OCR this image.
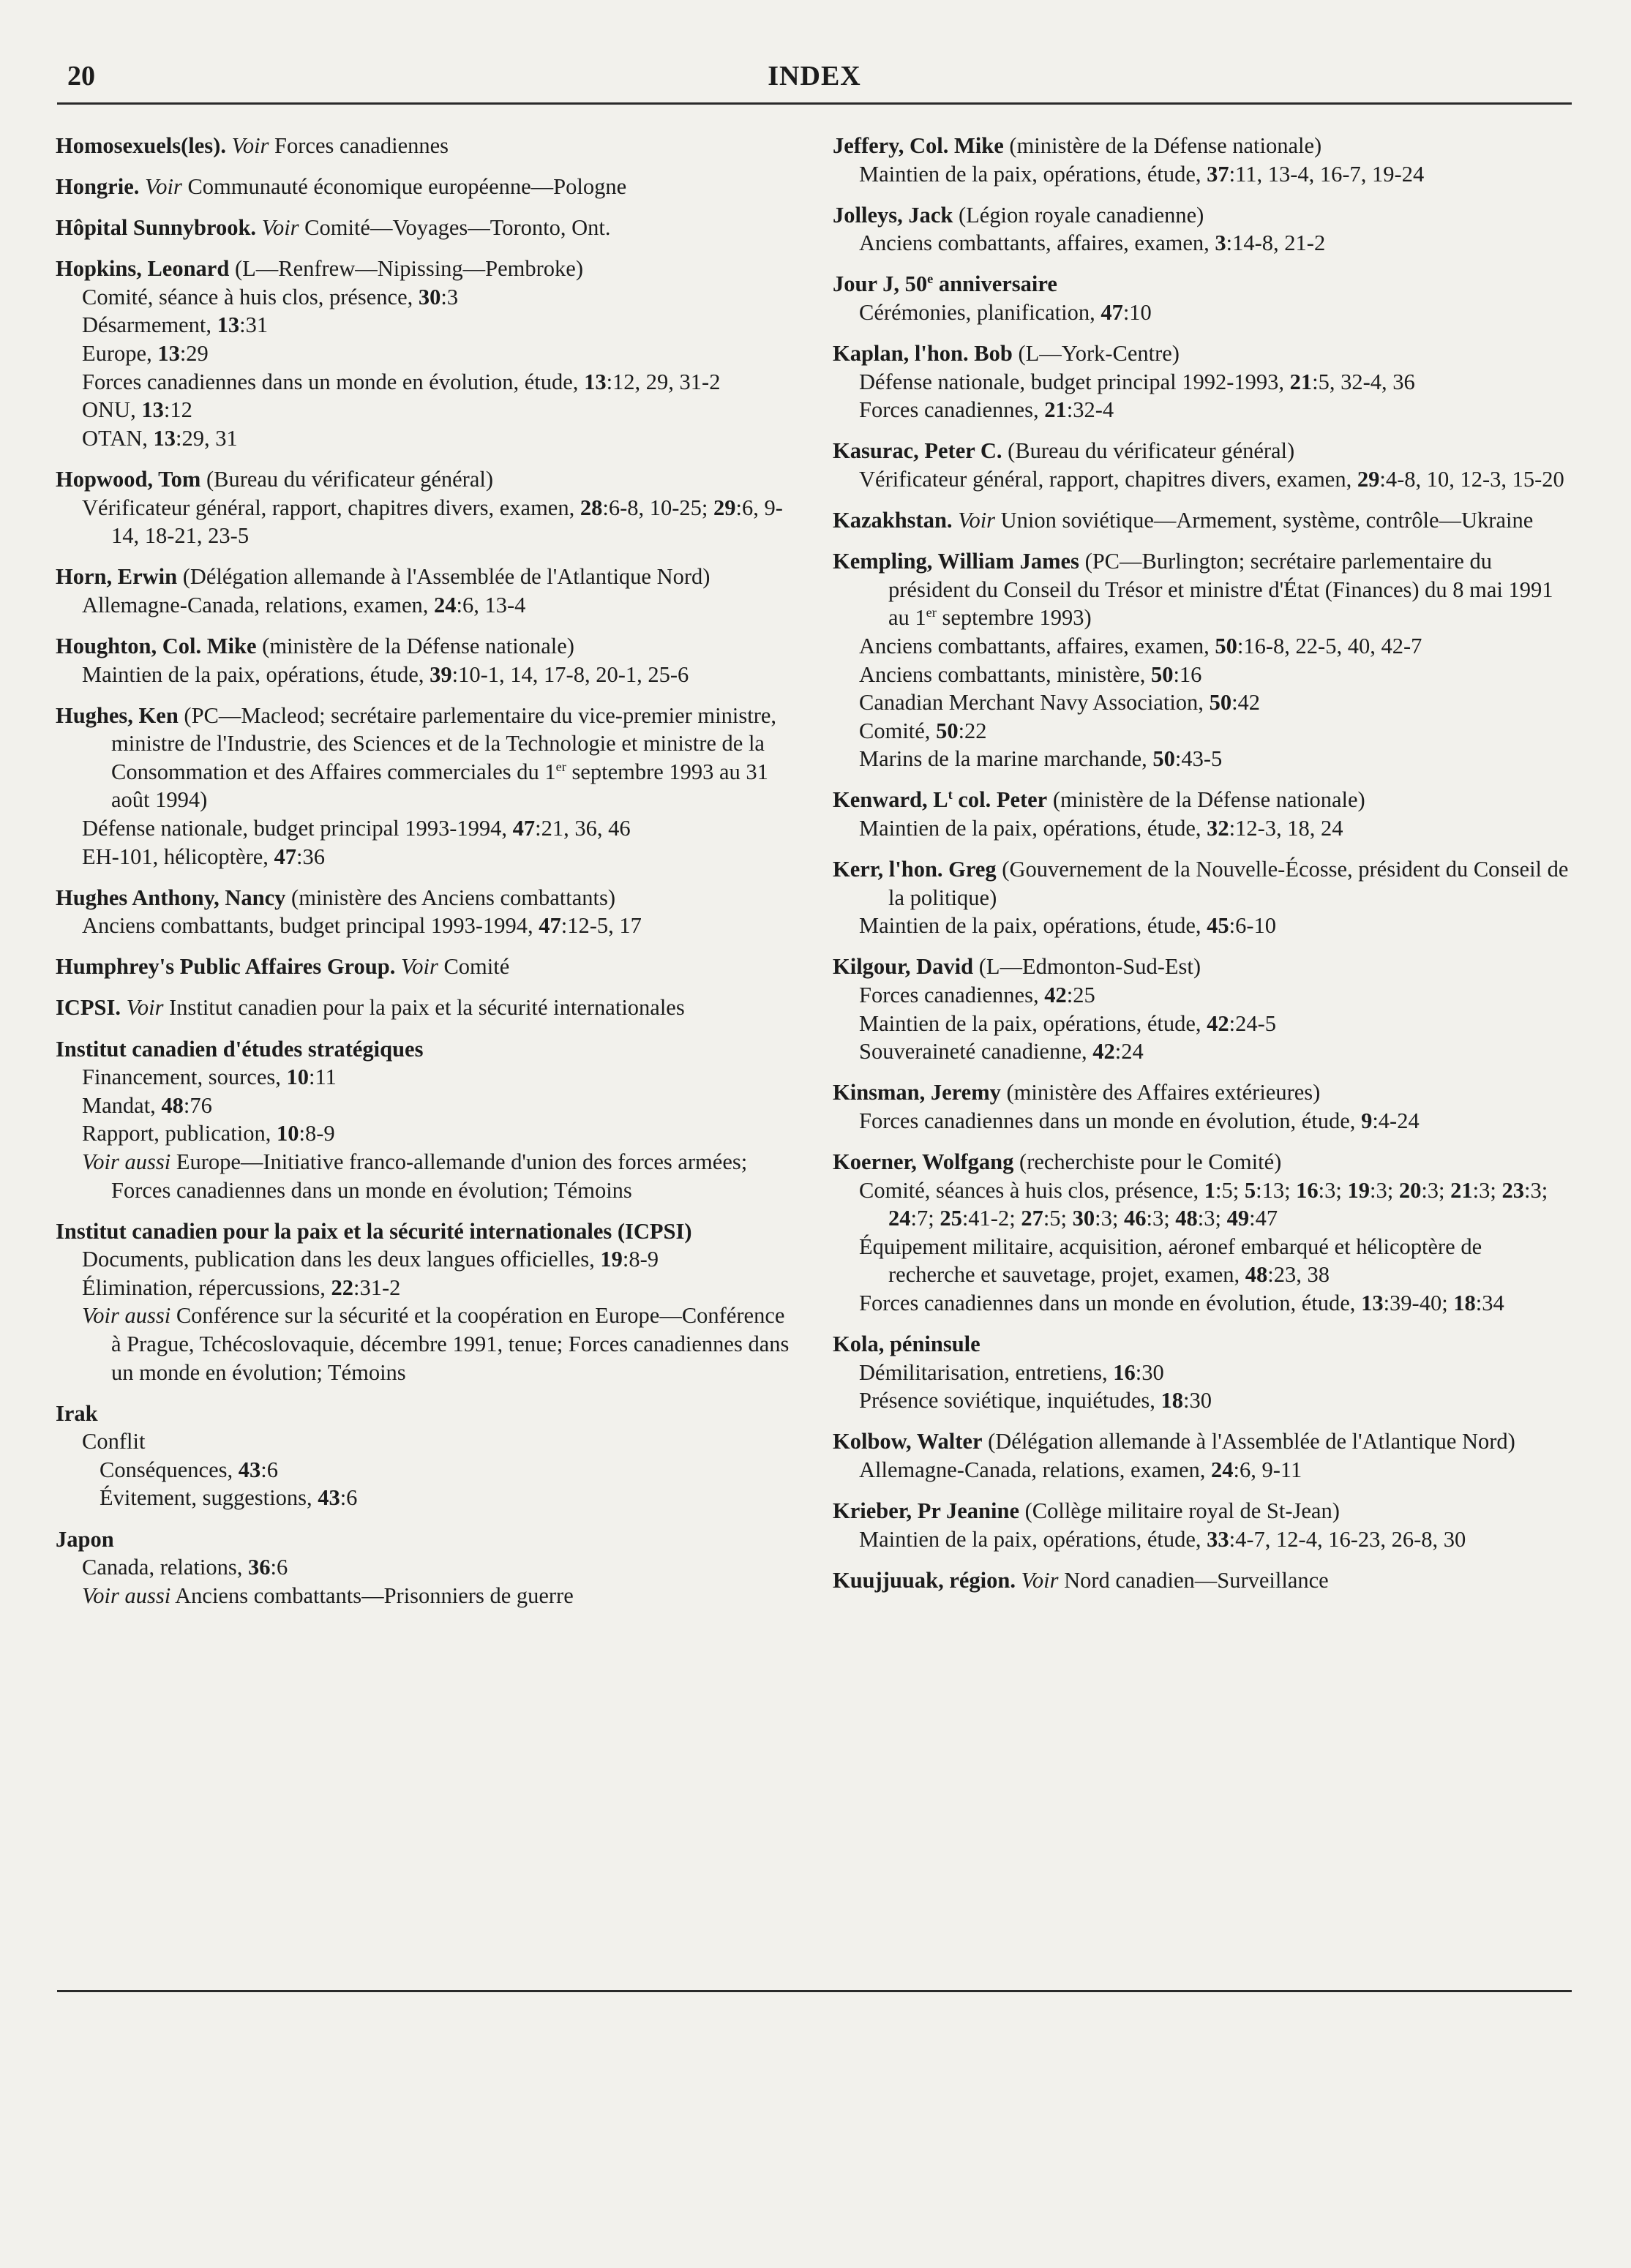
20	INDEX
Homosexuels(les). Voir Forces canadiennes
Hongrie. Voir Communauté économique européenne—Pologne
Hôpital Sunnybrook. Voir Comité—Voyages—Toronto, Ont.
Hopkins, Leonard (L—Renfrew—Nipissing—Pembroke)
Comité, séance à huis clos, présence, 30:3
Désarmement, 13:31
Europe, 13:29
Forces canadiennes dans un monde en évolution, étude, 13:12, 29, 31-2
ONU, 13:12
OTAN, 13:29, 31
Hopwood, Tom (Bureau du vérificateur général)
Vérificateur général, rapport, chapitres divers, examen, 28:6-8, 10-25; 29:6, 9-14, 18-21, 23-5
Horn, Erwin (Délégation allemande à l'Assemblée de l'Atlantique Nord)
Allemagne-Canada, relations, examen, 24:6, 13-4
Houghton, Col. Mike (ministère de la Défense nationale)
Maintien de la paix, opérations, étude, 39:10-1, 14, 17-8, 20-1, 25-6
Hughes, Ken (PC—Macleod; secrétaire parlementaire du vice-premier ministre, ministre de l'Industrie, des Sciences et de la Technologie et ministre de la Consommation et des Affaires commerciales du 1er septembre 1993 au 31 août 1994)
Défense nationale, budget principal 1993-1994, 47:21, 36, 46
EH-101, hélicoptère, 47:36
Hughes Anthony, Nancy (ministère des Anciens combattants)
Anciens combattants, budget principal 1993-1994, 47:12-5, 17
Humphrey's Public Affaires Group. Voir Comité
ICPSI. Voir Institut canadien pour la paix et la sécurité internationales
Institut canadien d'études stratégiques
Financement, sources, 10:11
Mandat, 48:76
Rapport, publication, 10:8-9
Voir aussi Europe—Initiative franco-allemande d'union des forces armées; Forces canadiennes dans un monde en évolution; Témoins
Institut canadien pour la paix et la sécurité internationales (ICPSI)
Documents, publication dans les deux langues officielles, 19:8-9
Élimination, répercussions, 22:31-2
Voir aussi Conférence sur la sécurité et la coopération en Europe—Conférence à Prague, Tchécoslovaquie, décembre 1991, tenue; Forces canadiennes dans un monde en évolution; Témoins
Irak
Conflit
Conséquences, 43:6
Évitement, suggestions, 43:6
Japon
Canada, relations, 36:6
Voir aussi Anciens combattants—Prisonniers de guerre
Jeffery, Col. Mike (ministère de la Défense nationale)
Maintien de la paix, opérations, étude, 37:11, 13-4, 16-7, 19-24
Jolleys, Jack (Légion royale canadienne)
Anciens combattants, affaires, examen, 3:14-8, 21-2
Jour J, 50e anniversaire
Cérémonies, planification, 47:10
Kaplan, l'hon. Bob (L—York-Centre)
Défense nationale, budget principal 1992-1993, 21:5, 32-4, 36
Forces canadiennes, 21:32-4
Kasurac, Peter C. (Bureau du vérificateur général)
Vérificateur général, rapport, chapitres divers, examen, 29:4-8, 10, 12-3, 15-20
Kazakhstan. Voir Union soviétique—Armement, système, contrôle—Ukraine
Kempling, William James (PC—Burlington; secrétaire parlementaire du président du Conseil du Trésor et ministre d'État (Finances) du 8 mai 1991 au 1er septembre 1993)
Anciens combattants, affaires, examen, 50:16-8, 22-5, 40, 42-7
Anciens combattants, ministère, 50:16
Canadian Merchant Navy Association, 50:42
Comité, 50:22
Marins de la marine marchande, 50:43-5
Kenward, $L^t$ col. Peter (ministère de la Défense nationale)
Maintien de la paix, opérations, étude, 32:12-3, 18, 24
Kerr, l'hon. Greg (Gouvernement de la Nouvelle-Écosse, président du Conseil de la politique)
Maintien de la paix, opérations, étude, 45:6-10
Kilgour, David (L—Edmonton-Sud-Est)
Forces canadiennes, 42:25
Maintien de la paix, opérations, étude, 42:24-5
Souveraineté canadienne, 42:24
Kinsman, Jeremy (ministère des Affaires extérieures)
Forces canadiennes dans un monde en évolution, étude, 9:4-24
Koerner, Wolfgang (recherchiste pour le Comité)
Comité, séances à huis clos, présence, 1:5; 5:13; 16:3; 19:3; 20:3; 21:3; 23:3; 24:7; 25:41-2; 27:5; 30:3; 46:3; 48:3; 49:47
Équipement militaire, acquisition, aéronef embarqué et hélicoptère de recherche et sauvetage, projet, examen, 48:23, 38
Forces canadiennes dans un monde en évolution, étude, 13:39-40; 18:34
Kola, péninsule
Démilitarisation, entretiens, 16:30
Présence soviétique, inquiétudes, 18:30
Kolbow, Walter (Délégation allemande à l'Assemblée de l'Atlantique Nord)
Allemagne-Canada, relations, examen, 24:6, 9-11
Krieber, Pr Jeanine (Collège militaire royal de St-Jean)
Maintien de la paix, opérations, étude, 33:4-7, 12-4, 16-23, 26-8, 30
Kuujjuuak, région. Voir Nord canadien—Surveillance
